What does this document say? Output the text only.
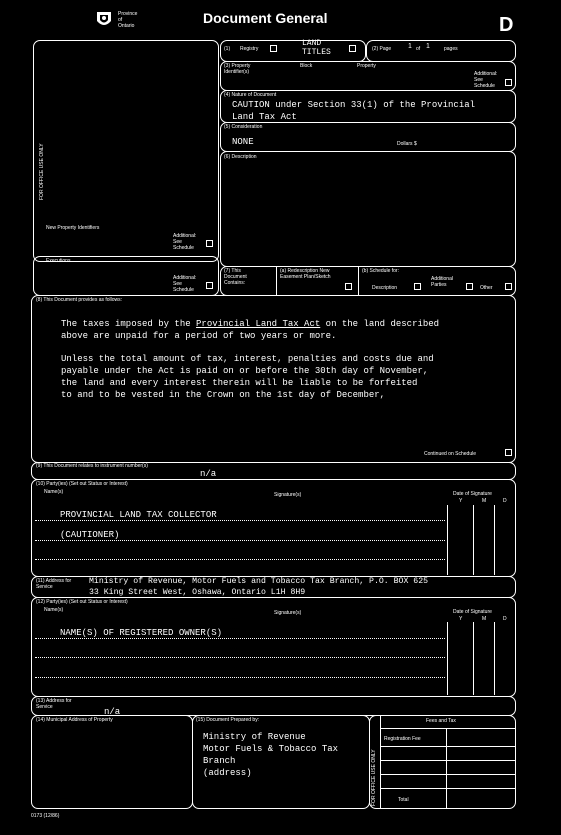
Province
of
Ontario	Document General	D
FOR OFFICE USE ONLY
New Property Identifiers
Additional:
See
Schedule
Executions
Additional:
See
Schedule
(1) Registry
LAND TITLES	(2) Page 1 of 1	pages
(3) Property Identifier(s)
Block	Property
Additional:
See
Schedule
(4) Nature of Document
CAUTION under Section 33(1) of the Provincial
Land Tax Act
(5) Consideration
NONE	Dollars $
(6) Description
(7) This Document Contains:
(a) Redescription New Easement Plan/Sketch
(b) Schedule for:
Description
Additional Parties	Other
(8) This Document provides as follows:
The taxes imposed by the Provincial Land Tax Act on the land described
above are unpaid for a period of two years or more.
Unless the total amount of tax, interest, penalties and costs due and
payable under the Act is paid on or before the 30th day of November,
the land and every interest therein will be liable to be forfeited
to and to be vested in the Crown on the 1st day of December,
Continued on Schedule
(9) This Document relates to instrument number(s)
n/a
(10) Party(ies) (Set out Status or Interest)
Name(s)	Signature(s)	Date of Signature
Y	M	D
PROVINCIAL LAND TAX COLLECTOR
(CAUTIONER)
(11) Address for Service
Ministry of Revenue, Motor Fuels and Tobacco Tax Branch, P.O. BOX 625
33 King Street West, Oshawa, Ontario L1H 8H9
(12) Party(ies) (Set out Status or Interest)
Name(s)	Signature(s)	Date of Signature
Y	M	D
NAME(S) OF REGISTERED OWNER(S)
(13) Address for Service	n/a
(14) Municipal Address of Property	(15) Document Prepared by:
Ministry of Revenue
Motor Fuels & Tobacco Tax
Branch
(address)	FOR OFFICE USE ONLY
Fees and Tax
Registration Fee
Total
0173 (12/86)
